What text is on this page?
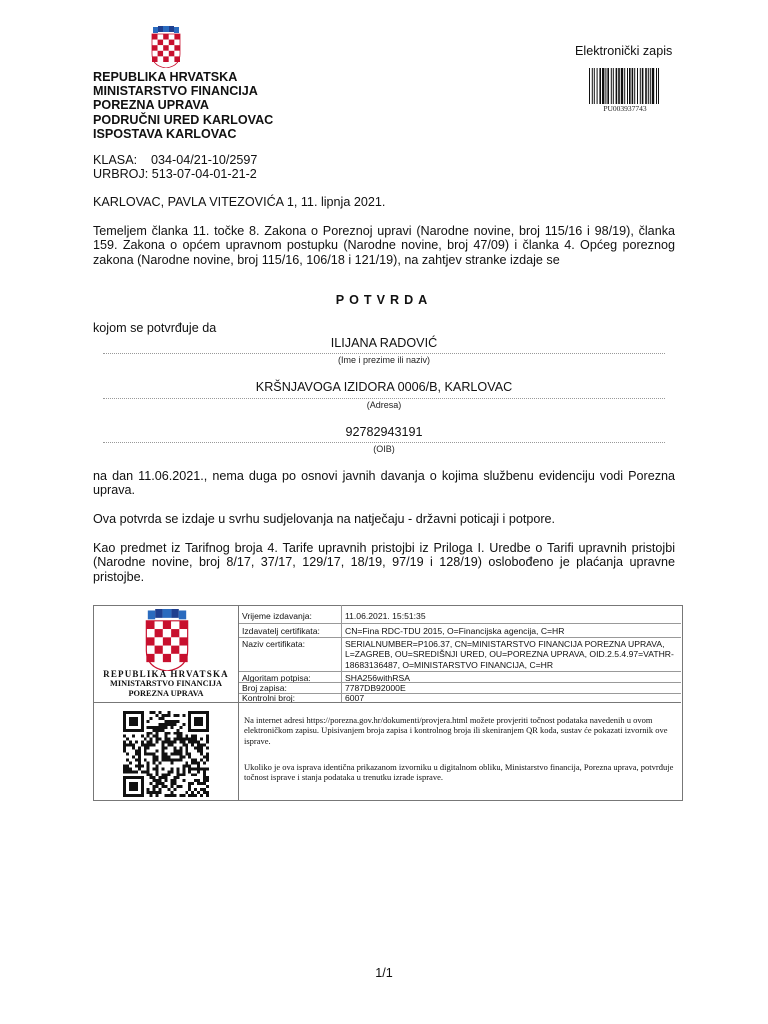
REPUBLIKA HRVATSKA
MINISTARSTVO FINANCIJA
POREZNA UPRAVA
PODRUČNI URED KARLOVAC
ISPOSTAVA KARLOVAC
Elektronički zapis
PU003937743
KLASA: 034-04/21-10/2597
URBROJ: 513-07-04-01-21-2
KARLOVAC, PAVLA VITEZOVIĆA 1, 11. lipnja 2021.
Temeljem članka 11. točke 8. Zakona o Poreznoj upravi (Narodne novine, broj 115/16 i 98/19), članka 159. Zakona o općem upravnom postupku (Narodne novine, broj 47/09) i članka 4. Općeg poreznog zakona (Narodne novine, broj 115/16, 106/18 i 121/19), na zahtjev stranke izdaje se
POTVRDA
kojom se potvrđuje da
ILIJANA RADOVIĆ
(Ime i prezime ili naziv)
KRŠNJAVOGA IZIDORA 0006/B, KARLOVAC
(Adresa)
92782943191
(OIB)
na dan 11.06.2021., nema duga po osnovi javnih davanja o kojima službenu evidenciju vodi Porezna uprava.
Ova potvrda se izdaje u svrhu sudjelovanja na natječaju - državni poticaji i potpore.
Kao predmet iz Tarifnog broja 4. Tarife upravnih pristojbi iz Priloga I. Uredbe o Tarifi upravnih pristojbi (Narodne novine, broj 8/17, 37/17, 129/17, 18/19, 97/19 i 128/19) oslobođeno je plaćanja upravne pristojbe.
REPUBLIKA HRVATSKA
MINISTARSTVO FINANCIJA
POREZNA UPRAVA
Vrijeme izdavanja:	11.06.2021. 15:51:35
Izdavatelj certifikata:	CN=Fina RDC-TDU 2015, O=Financijska agencija, C=HR
Naziv certifikata:	SERIALNUMBER=P106.37, CN=MINISTARSTVO FINANCIJA POREZNA UPRAVA, L=ZAGREB, OU=SREDIŠNJI URED, OU=POREZNA UPRAVA, OID.2.5.4.97=VATHR-18683136487, O=MINISTARSTVO FINANCIJA, C=HR
Algoritam potpisa:	SHA256withRSA
Broj zapisa:	7787DB92000E
Kontrolni broj:	6007
Na internet adresi https://porezna.gov.hr/dokumenti/provjera.html možete provjeriti točnost podataka navedenih u ovom elektroničkom zapisu. Upisivanjem broja zapisa i kontrolnog broja ili skeniranjem QR koda, sustav će pokazati izvornik ove isprave.
Ukoliko je ova isprava identična prikazanom izvorniku u digitalnom obliku, Ministarstvo financija, Porezna uprava, potvrđuje točnost isprave i stanja podataka u trenutku izrade isprave.
1/1
